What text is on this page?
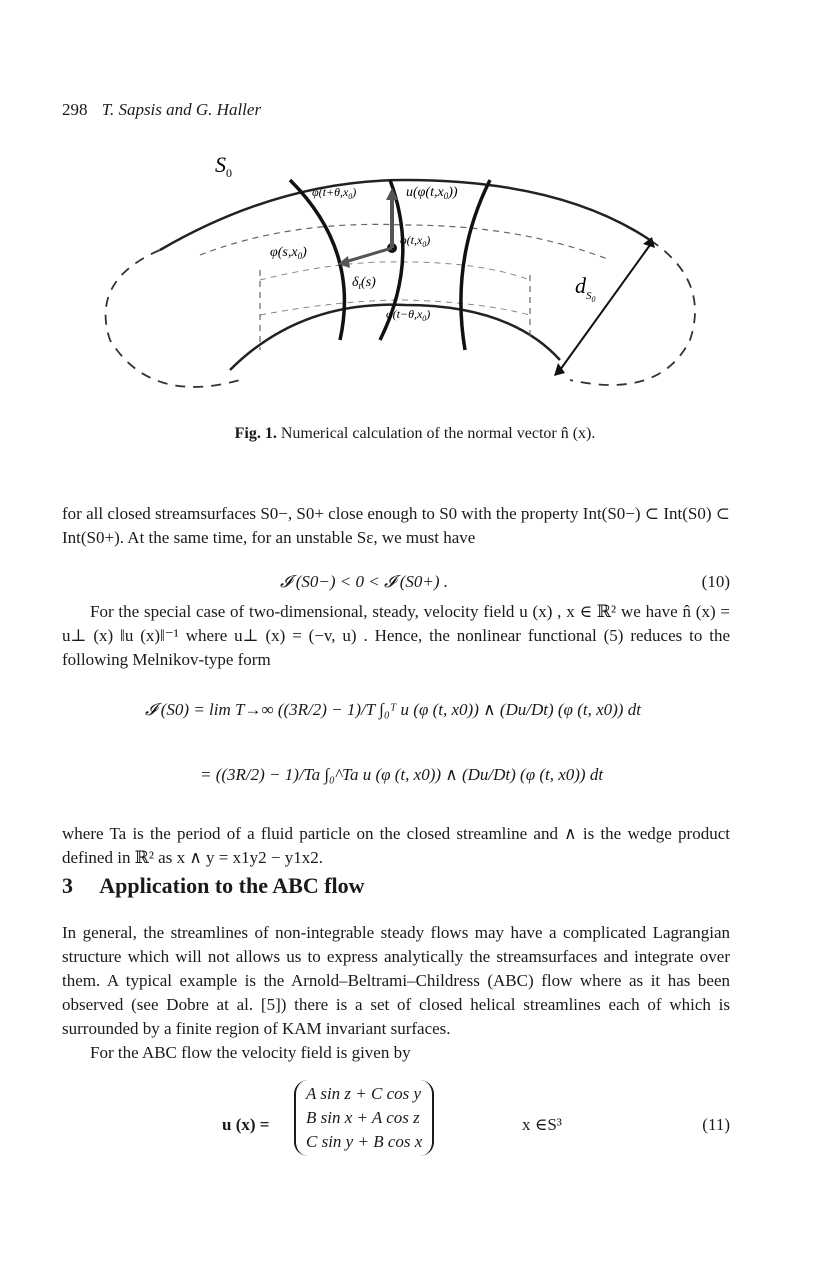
298 T. Sapsis and G. Haller
$S_0$
$\varphi(t+\theta,x_0)$	$u(\varphi(t,x_0))$
$\varphi(s,x_0)$
$\varphi(t,x_0)$
$\delta_t(s)$
$\varphi(t-\theta,x_0)$
$d_S0$
Fig. 1. Numerical calculation of the normal vector n̂ (x).
for all closed streamsurfaces S0−, S0+ close enough to S0 with the property Int(S0−) ⊂ Int(S0) ⊂ Int(S0+). At the same time, for an unstable Sε, we must have
𝓘 (S0−) < 0 < 𝓘 (S0+) .	(10)
For the special case of two-dimensional, steady, velocity field u (x) , x ∈ ℝ² we have n̂ (x) = u⊥ (x) ‖u (x)‖⁻¹ where u⊥ (x) = (−v, u) . Hence, the nonlinear functional (5) reduces to the following Melnikov-type form
𝓘 (S0) = lim T→∞ ((3R/2) − 1)/T ∫₀ᵀ u (φ (t, x0)) ∧ (Du/Dt) (φ (t, x0)) dt
= ((3R/2) − 1)/Ta ∫₀^Ta u (φ (t, x0)) ∧ (Du/Dt) (φ (t, x0)) dt
where Ta is the period of a fluid particle on the closed streamline and ∧ is the wedge product defined in ℝ² as x ∧ y = x1y2 − y1x2.
3 Application to the ABC flow
In general, the streamlines of non-integrable steady flows may have a complicated Lagrangian structure which will not allows us to express analytically the streamsurfaces and integrate over them. A typical example is the Arnold–Beltrami–Childress (ABC) flow where as it has been observed (see Dobre at al. [5]) there is a set of closed helical streamlines each of which is surrounded by a finite region of KAM invariant surfaces.
For the ABC flow the velocity field is given by
u (x) =
A sin z + C cos y
B sin x + A cos z
C sin y + B cos x
x ∈S³	(11)
